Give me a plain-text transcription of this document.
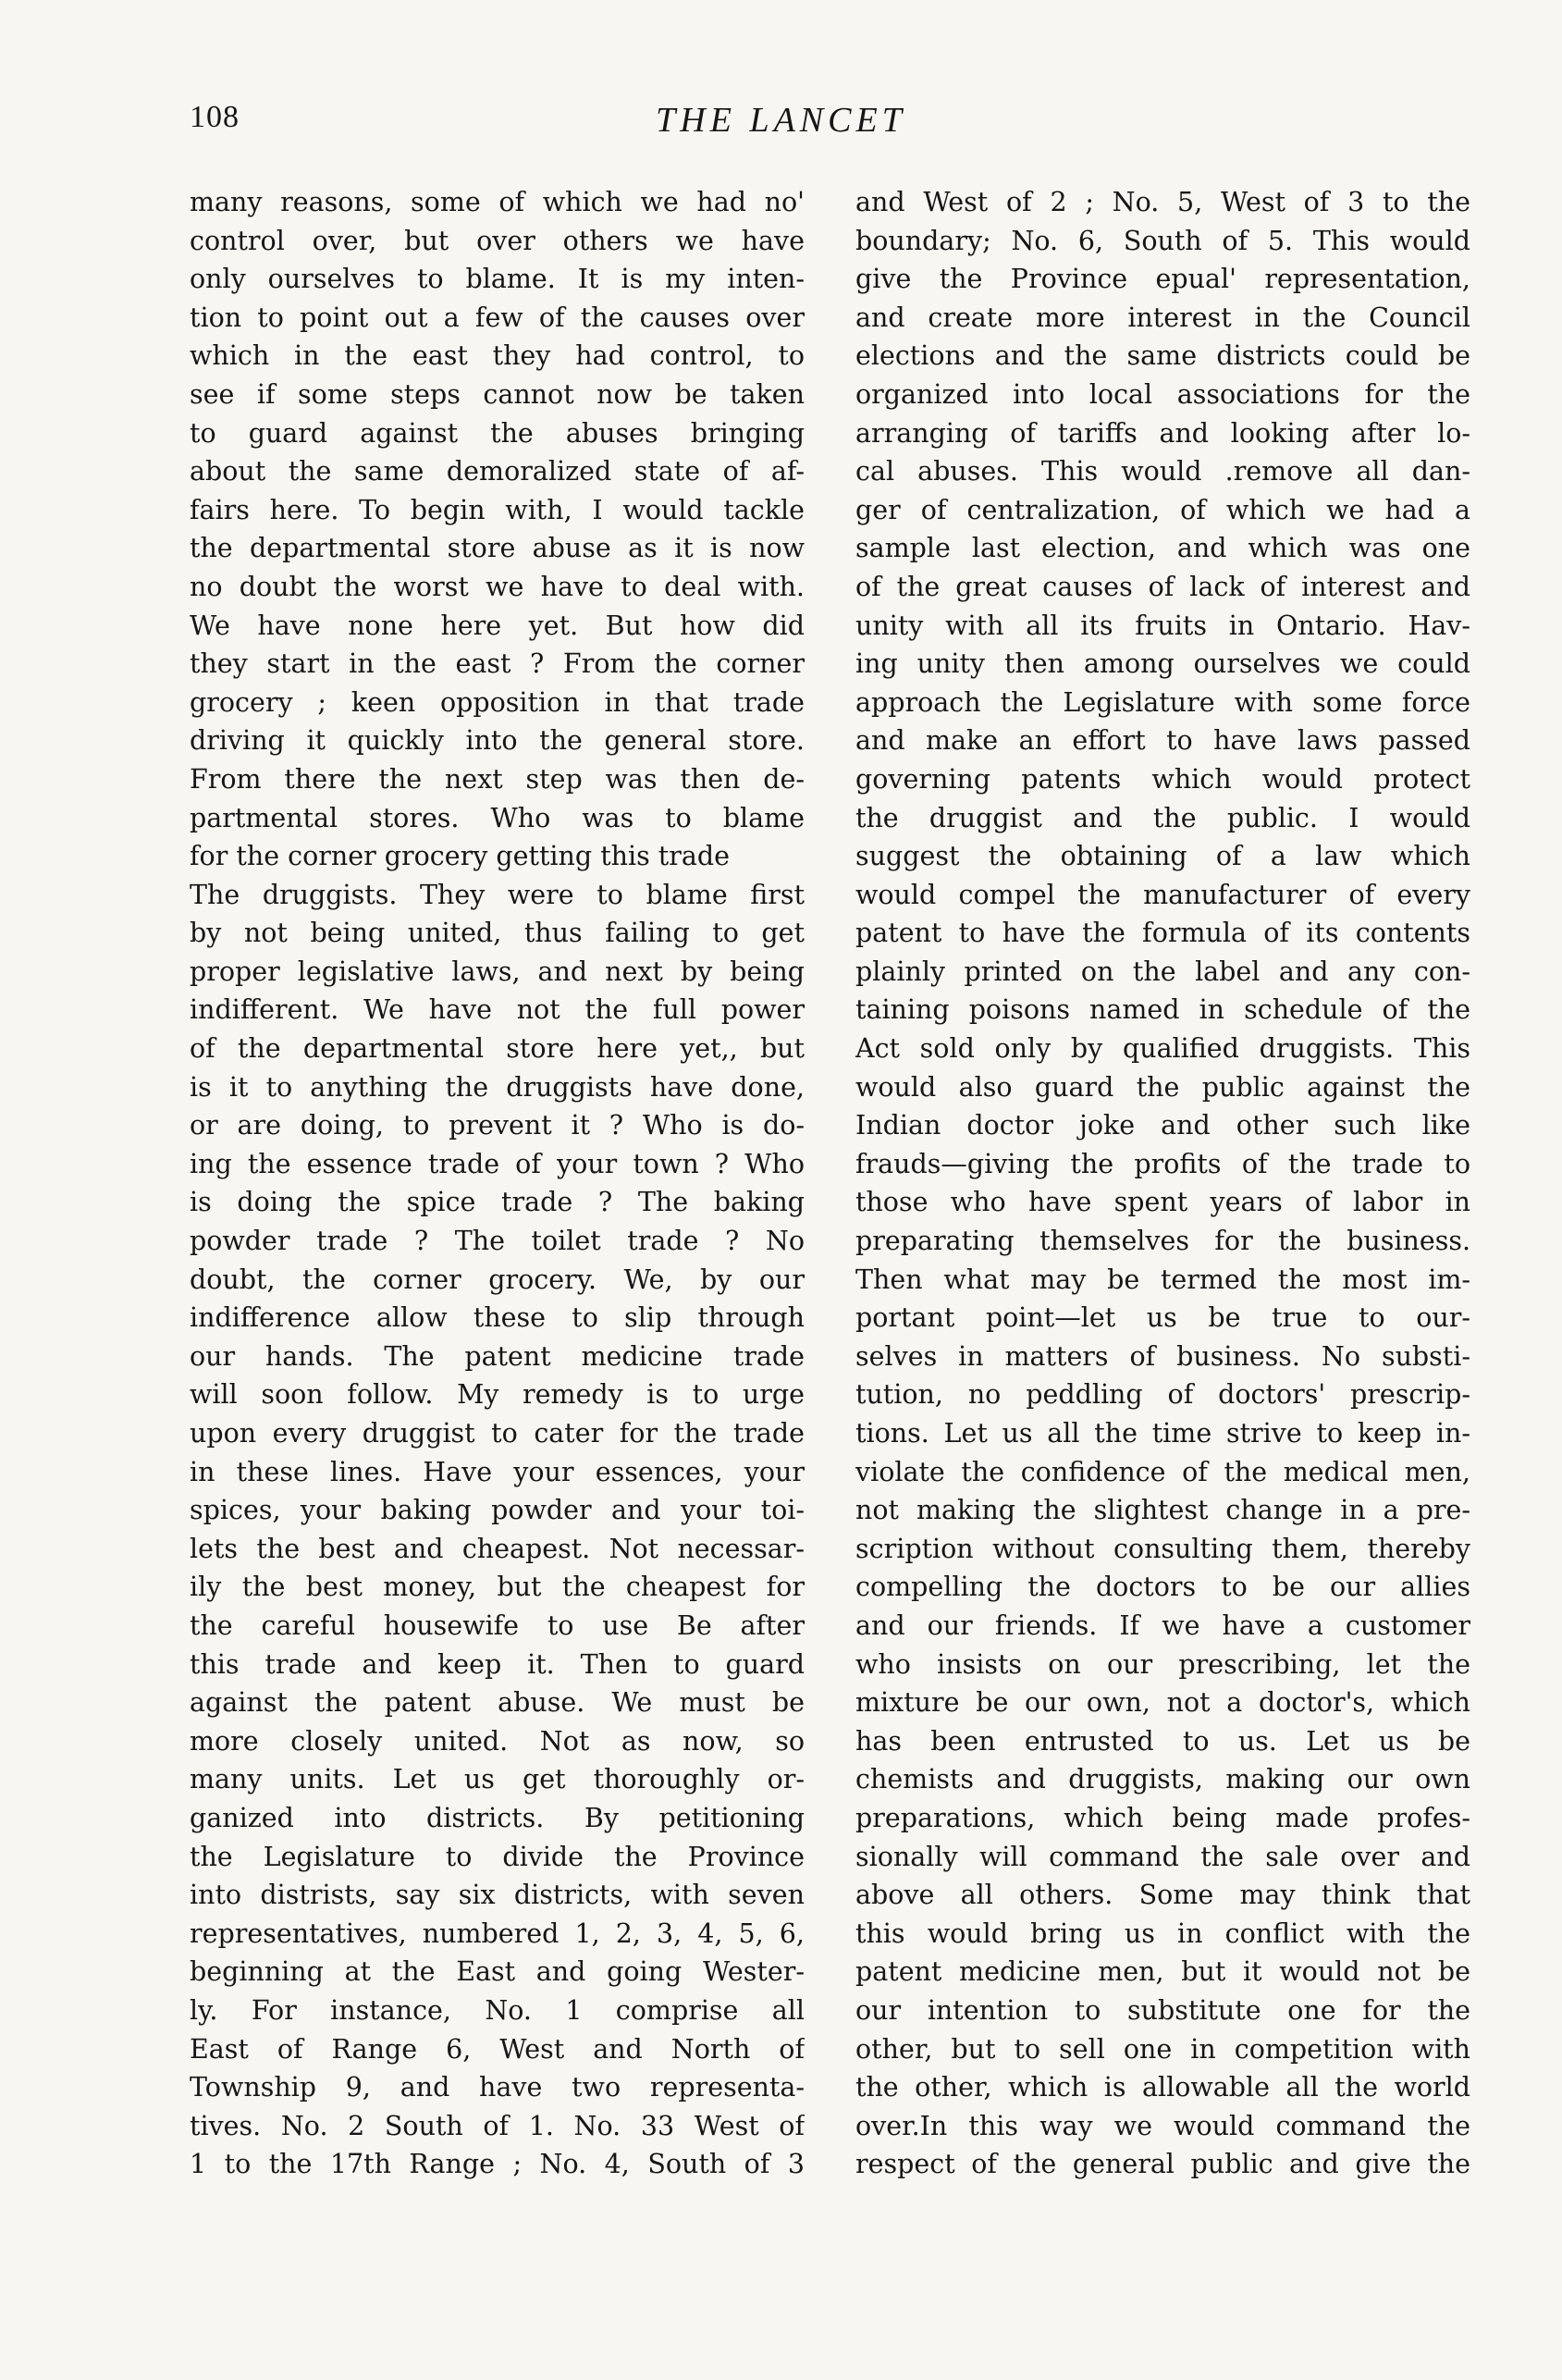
108	THE LANCET
many reasons, some of which we had no'
control over, but over others we have
only ourselves to blame. It is my inten-
tion to point out a few of the causes over
which in the east they had control, to
see if some steps cannot now be taken
to guard against the abuses bringing
about the same demoralized state of af-
fairs here. To begin with, I would tackle
the departmental store abuse as it is now
no doubt the worst we have to deal with.
We have none here yet. But how did
they start in the east ? From the corner
grocery ; keen opposition in that trade
driving it quickly into the general store.
From there the next step was then de-
partmental stores. Who was to blame
for the corner grocery getting this trade
The druggists. They were to blame first
by not being united, thus failing to get
proper legislative laws, and next by being
indifferent. We have not the full power
of the departmental store here yet,, but
is it to anything the druggists have done,
or are doing, to prevent it ? Who is do-
ing the essence trade of your town ? Who
is doing the spice trade ? The baking
powder trade ? The toilet trade ? No
doubt, the corner grocery. We, by our
indifference allow these to slip through
our hands. The patent medicine trade
will soon follow. My remedy is to urge
upon every druggist to cater for the trade
in these lines. Have your essences, your
spices, your baking powder and your toi-
lets the best and cheapest. Not necessar-
ily the best money, but the cheapest for
the careful housewife to use Be after
this trade and keep it. Then to guard
against the patent abuse. We must be
more closely united. Not as now, so
many units. Let us get thoroughly or-
ganized into districts. By petitioning
the Legislature to divide the Province
into distrists, say six districts, with seven
representatives, numbered 1, 2, 3, 4, 5, 6,
beginning at the East and going Wester-
ly. For instance, No. 1 comprise all
East of Range 6, West and North of
Township 9, and have two representa-
tives. No. 2 South of 1. No. 33 West of
1 to the 17th Range ; No. 4, South of 3
and West of 2 ; No. 5, West of 3 to the
boundary; No. 6, South of 5. This would
give the Province epual' representation,
and create more interest in the Council
elections and the same districts could be
organized into local associations for the
arranging of tariffs and looking after lo-
cal abuses. This would .remove all dan-
ger of centralization, of which we had a
sample last election, and which was one
of the great causes of lack of interest and
unity with all its fruits in Ontario. Hav-
ing unity then among ourselves we could
approach the Legislature with some force
and make an effort to have laws passed
governing patents which would protect
the druggist and the public. I would
suggest the obtaining of a law which
would compel the manufacturer of every
patent to have the formula of its contents
plainly printed on the label and any con-
taining poisons named in schedule of the
Act sold only by qualified druggists. This
would also guard the public against the
Indian doctor joke and other such like
frauds—giving the profits of the trade to
those who have spent years of labor in
preparating themselves for the business.
Then what may be termed the most im-
portant point—let us be true to our-
selves in matters of business. No substi-
tution, no peddling of doctors' prescrip-
tions. Let us all the time strive to keep in-
violate the confidence of the medical men,
not making the slightest change in a pre-
scription without consulting them, thereby
compelling the doctors to be our allies
and our friends. If we have a customer
who insists on our prescribing, let the
mixture be our own, not a doctor's, which
has been entrusted to us. Let us be
chemists and druggists, making our own
preparations, which being made profes-
sionally will command the sale over and
above all others. Some may think that
this would bring us in conflict with the
patent medicine men, but it would not be
our intention to substitute one for the
other, but to sell one in competition with
the other, which is allowable all the world
over.In this way we would command the
respect of the general public and give the
